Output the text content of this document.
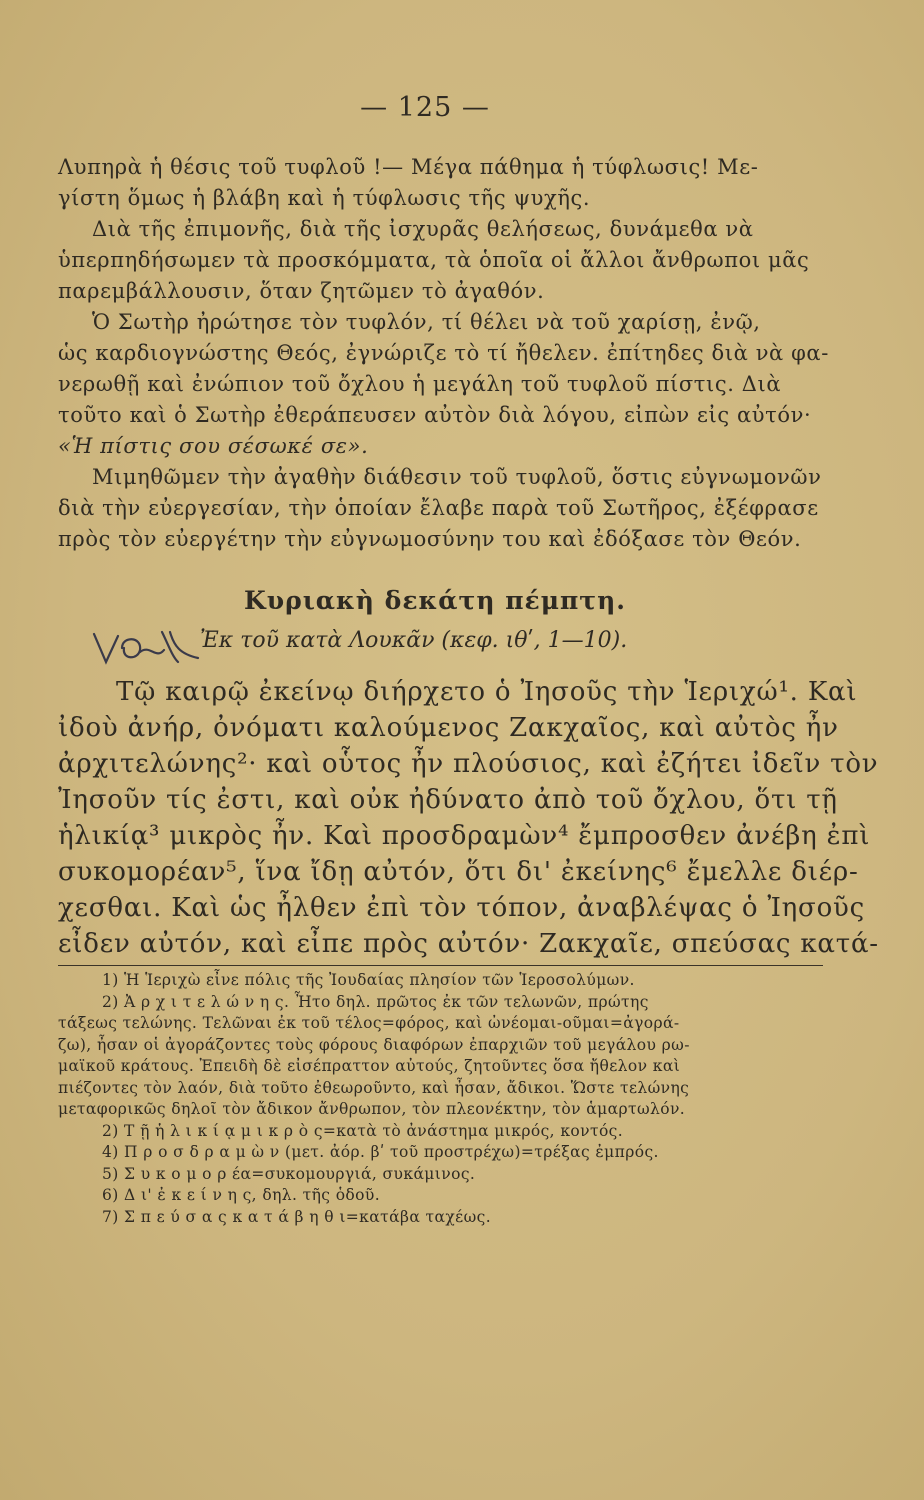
— 125 —
Λυπηρὰ ἡ θέσις τοῦ τυφλοῦ !— Μέγα πάθημα ἡ τύφλωσις! Με-
γίστη ὅμως ἡ βλάβη καὶ ἡ τύφλωσις τῆς ψυχῆς.
Διὰ τῆς ἐπιμονῆς, διὰ τῆς ἰσχυρᾶς θελήσεως, δυνάμεθα νὰ
ὑπερπηδήσωμεν τὰ προσκόμματα, τὰ ὁποῖα οἱ ἄλλοι ἄνθρωποι μᾶς
παρεμβάλλουσιν, ὅταν ζητῶμεν τὸ ἀγαθόν.
Ὁ Σωτὴρ ἠρώτησε τὸν τυφλόν, τί θέλει νὰ τοῦ χαρίσῃ, ἐνῷ,
ὡς καρδιογνώστης Θεός, ἐγνώριζε τὸ τί ἤθελεν. ἐπίτηδες διὰ νὰ φα-
νερωθῇ καὶ ἐνώπιον τοῦ ὄχλου ἡ μεγάλη τοῦ τυφλοῦ πίστις. Διὰ
τοῦτο καὶ ὁ Σωτὴρ ἐθεράπευσεν αὐτὸν διὰ λόγου, εἰπὼν εἰς αὐτόν·
«Ἡ πίστις σου σέσωκέ σε».
Μιμηθῶμεν τὴν ἀγαθὴν διάθεσιν τοῦ τυφλοῦ, ὅστις εὐγνωμονῶν
διὰ τὴν εὐεργεσίαν, τὴν ὁποίαν ἔλαβε παρὰ τοῦ Σωτῆρος, ἐξέφρασε
πρὸς τὸν εὐεργέτην τὴν εὐγνωμοσύνην του καὶ ἐδόξασε τὸν Θεόν.
Κυριακὴ δεκάτη πέμπτη.
Ἐκ τοῦ κατὰ Λουκᾶν (κεφ. ιθʹ, 1—10).
Τῷ καιρῷ ἐκείνῳ διήρχετο ὁ Ἰησοῦς τὴν Ἱεριχώ¹. Καὶ
ἰδοὺ ἀνήρ, ὀνόματι καλούμενος Ζακχαῖος, καὶ αὐτὸς ἦν
ἀρχιτελώνης²· καὶ οὗτος ἦν πλούσιος, καὶ ἐζήτει ἰδεῖν τὸν
Ἰησοῦν τίς ἐστι, καὶ οὐκ ἠδύνατο ἀπὸ τοῦ ὄχλου, ὅτι τῇ
ἡλικίᾳ³ μικρὸς ἦν. Καὶ προσδραμὼν⁴ ἔμπροσθεν ἀνέβη ἐπὶ
συκομορέαν⁵, ἵνα ἴδῃ αὐτόν, ὅτι δι' ἐκείνης⁶ ἔμελλε διέρ-
χεσθαι. Καὶ ὡς ἦλθεν ἐπὶ τὸν τόπον, ἀναβλέψας ὁ Ἰησοῦς
εἶδεν αὐτόν, καὶ εἶπε πρὸς αὐτόν· Ζακχαῖε, σπεύσας κατά-
1) Ἡ Ἱεριχὼ εἶνε πόλις τῆς Ἰουδαίας πλησίον τῶν Ἱεροσολύμων.
2) Ἀ ρ χ ι τ ε λ ώ ν η ς. Ἦτο δηλ. πρῶτος ἐκ τῶν τελωνῶν, πρώτης
τάξεως τελώνης. Τελῶναι ἐκ τοῦ τέλος=φόρος, καὶ ὠνέομαι-οῦμαι=ἀγορά-
ζω), ἦσαν οἱ ἀγοράζοντες τοὺς φόρους διαφόρων ἐπαρχιῶν τοῦ μεγάλου ρω-
μαϊκοῦ κράτους. Ἐπειδὴ δὲ εἰσέπραττον αὐτούς, ζητοῦντες ὅσα ἤθελον καὶ
πιέζοντες τὸν λαόν, διὰ τοῦτο ἐθεωροῦντο, καὶ ἦσαν, ἄδικοι. Ὥστε τελώνης
μεταφορικῶς δηλοῖ τὸν ἄδικον ἄνθρωπον, τὸν πλεονέκτην, τὸν ἁμαρτωλόν.
2) Τ ῇ ἡ λ ι κ ί ᾳ μ ι κ ρ ὸ ς=κατὰ τὸ ἀνάστημα μικρός, κοντός.
4) Π ρ ο σ δ ρ α μ ὼ ν (μετ. ἀόρ. βʹ τοῦ προστρέχω)=τρέξας ἐμπρός.
5) Σ υ κ ο μ ο ρ έα=συκομουργιά, συκάμινος.
6) Δ ι' ἐ κ ε ί ν η ς, δηλ. τῆς ὁδοῦ.
7) Σ π ε ύ σ α ς κ α τ ά β η θ ι=κατάβα ταχέως.
